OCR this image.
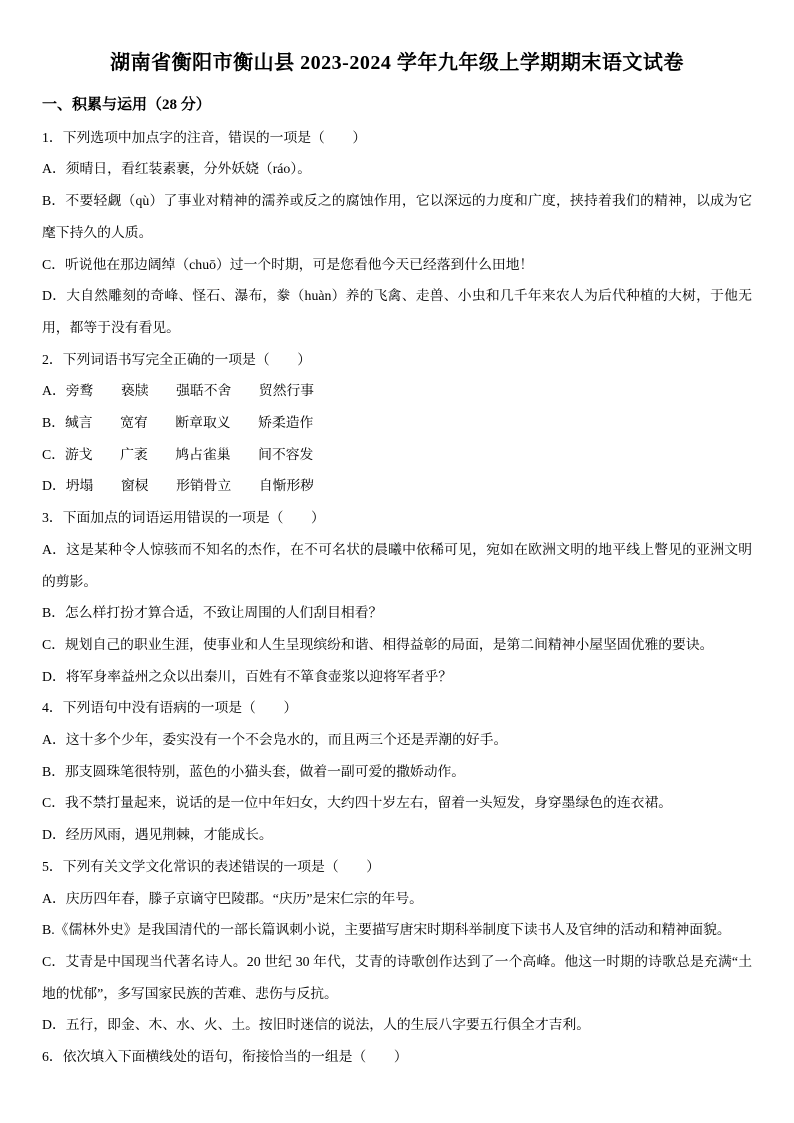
湖南省衡阳市衡山县 2023-2024 学年九年级上学期期末语文试卷

一、积累与运用（28 分）

1．下列选项中加点字的注音，错误的一项是（　　）

A．须晴日，看红装素裹，分外妖娆（ráo）。

B．不要轻觑（qù）了事业对精神的濡养或反之的腐蚀作用，它以深远的力度和广度，挟持着我们的精神，以成为它麾下持久的人质。

C．听说他在那边阔绰（chuō）过一个时期，可是您看他今天已经落到什么田地！

D．大自然雕刻的奇峰、怪石、瀑布，豢（huàn）养的飞禽、走兽、小虫和几千年来农人为后代种植的大树，于他无用，都等于没有看见。

2．下列词语书写完全正确的一项是（　　）

A．旁鹜　　亵牍　　强聒不舍　　贸然行事

B．缄言　　宽宥　　断章取义　　矫柔造作

C．游戈　　广袤　　鸠占雀巢　　间不容发

D．坍塌　　窗棂　　形销骨立　　自惭形秽

3．下面加点的词语运用错误的一项是（　　）

A．这是某种令人惊骇而不知名的杰作，在不可名状的晨曦中依稀可见，宛如在欧洲文明的地平线上瞥见的亚洲文明的剪影。

B．怎么样打扮才算合适，不致让周围的人们刮目相看？

C．规划自己的职业生涯，使事业和人生呈现缤纷和谐、相得益彰的局面，是第二间精神小屋坚固优雅的要诀。

D．将军身率益州之众以出秦川，百姓有不箪食壶浆以迎将军者乎？

4．下列语句中没有语病的一项是（　　）

A．这十多个少年，委实没有一个不会凫水的，而且两三个还是弄潮的好手。

B．那支圆珠笔很特别，蓝色的小猫头套，做着一副可爱的撒娇动作。

C．我不禁打量起来，说话的是一位中年妇女，大约四十岁左右，留着一头短发，身穿墨绿色的连衣裙。

D．经历风雨，遇见荆棘，才能成长。

5．下列有关文学文化常识的表述错误的一项是（　　）

A．庆历四年春，滕子京谪守巴陵郡。“庆历”是宋仁宗的年号。

B.《儒林外史》是我国清代的一部长篇讽刺小说，主要描写唐宋时期科举制度下读书人及官绅的活动和精神面貌。

C．艾青是中国现当代著名诗人。20 世纪 30 年代，艾青的诗歌创作达到了一个高峰。他这一时期的诗歌总是充满“土地的忧郁”，多写国家民族的苦难、悲伤与反抗。

D．五行，即金、木、水、火、土。按旧时迷信的说法，人的生辰八字要五行俱全才吉利。

6．依次填入下面横线处的语句，衔接恰当的一组是（　　）
